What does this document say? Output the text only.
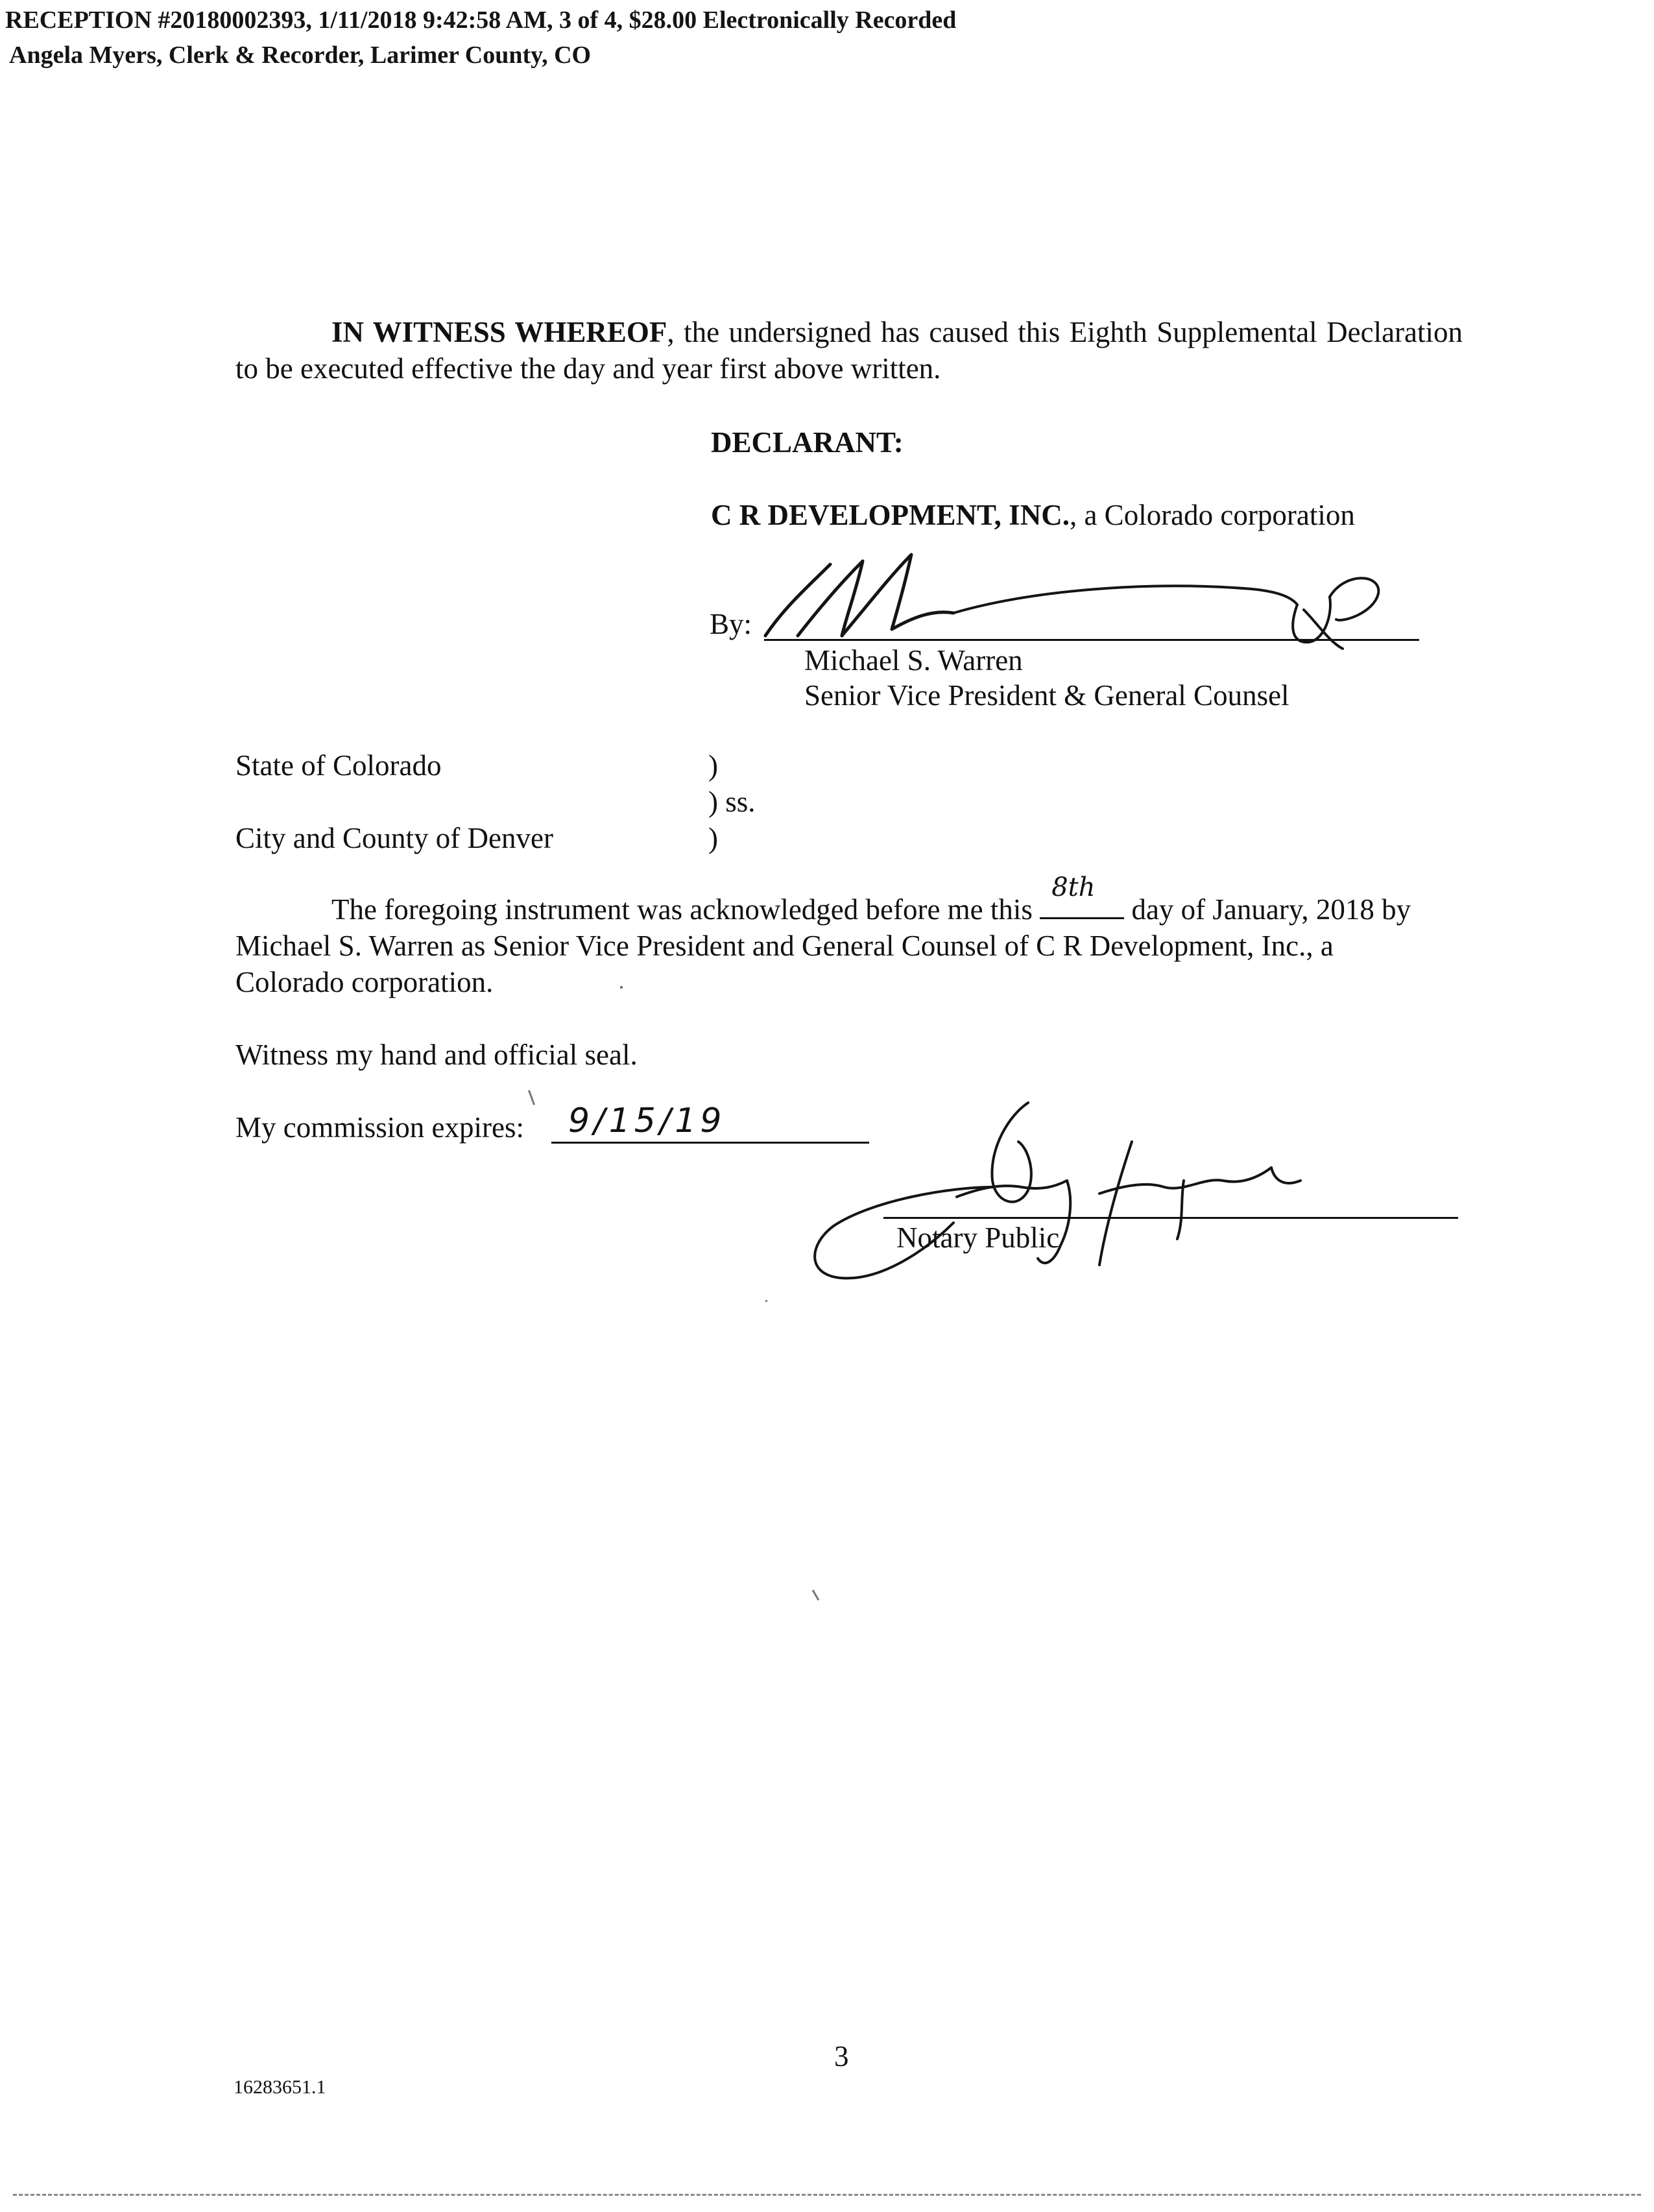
RECEPTION #20180002393, 1/11/2018 9:42:58 AM, 3 of 4, $28.00 Electronically Recorded
Angela Myers, Clerk & Recorder, Larimer County, CO
IN WITNESS WHEREOF, the undersigned has caused this Eighth Supplemental Declaration to be executed effective the day and year first above written.
DECLARANT:
C R DEVELOPMENT, INC., a Colorado corporation
By:
Michael S. Warren
Senior Vice President & General Counsel
State of Colorado
City and County of Denver
)
) ss.
)
The foregoing instrument was acknowledged before me this
8th
day of January, 2018 by Michael S. Warren as Senior Vice President and General Counsel of C R Development, Inc., a Colorado corporation.
Witness my hand and official seal.
My commission expires: 9/15/19
Notary Public
3
16283651.1
